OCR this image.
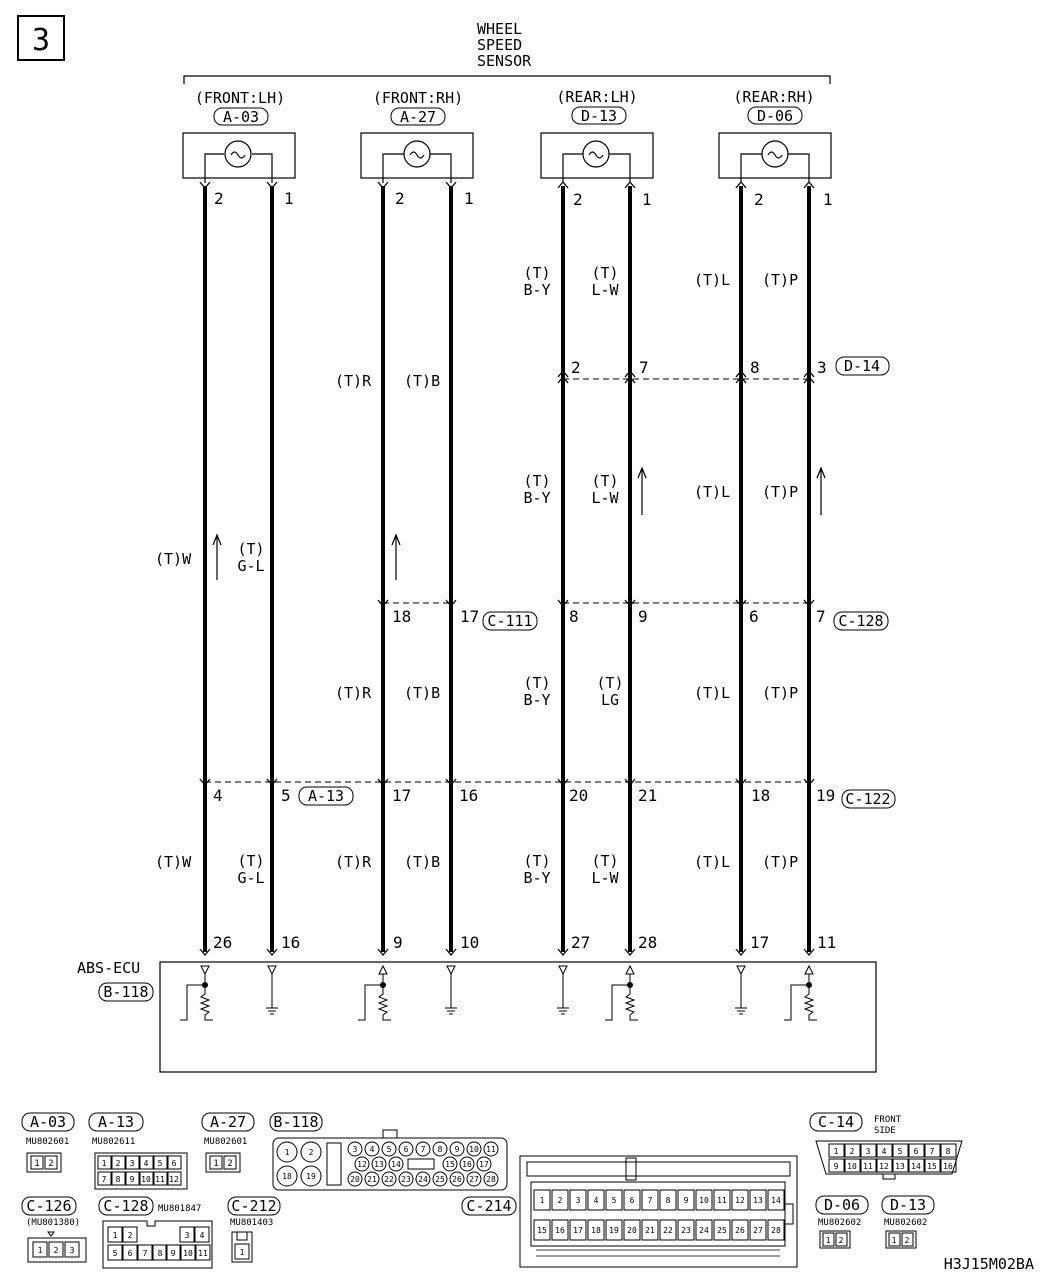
3	WHEEL
SPEED
SENSOR
(FRONT:LH)
A-03
(FRONT:RH)
A-27
(REAR:LH)
D-13
(REAR:RH)
D-06
2	1	2	1	2	1	2	1
(T)
B-Y
(T)
L-W
(T)L (T)P
2	7	8	3 D-14
(T)R (T)B
(T)
B-Y
(T)
L-W	(T)L (T)P
(T)W
(T)
G-L
18	17 C-111 8	9	6	7 C-128
(T)R (T)B
(T)
B-Y
(T)
LG	(T)L (T)P
4	5 A-13	17	16	20	21	18	19 C-122
(T)W	(T)
G-L
(T)R (T)B	(T)
B-Y
(T)
L-W
(T)L (T)P
26	16	9	10	27	28	17	11
ABS-ECU
B-118
A-03
MU802601
1 2
A-13
MU802611
1 2 3 4 5 6
7 8 9 10 11 12
A-27
MU802601
1 2
B-118
1 2
18 19
3 4 5 6 7 8 9 10 11
12 13 14	15 16 17
20 21 22 23 24 25 26 27 28
C-14 FRONT
SIDE
1 2 3 4 5 6 7 8
9 10 11 12 13 14 15 16
C-126
(MU801380)
1 2 3
C-128 MU801847
1 2	3 4
5 6 7 8 9 10 11
C-212
MU801403
1
C-214	1 2 3 4 5 6 7 8 9 10 11 12 13 14
15 16 17 18 19 20 21 22 23 24 25 26 27 28
D-06
MU802602
1 2
D-13
MU802602
1 2
H3J15M02BA
